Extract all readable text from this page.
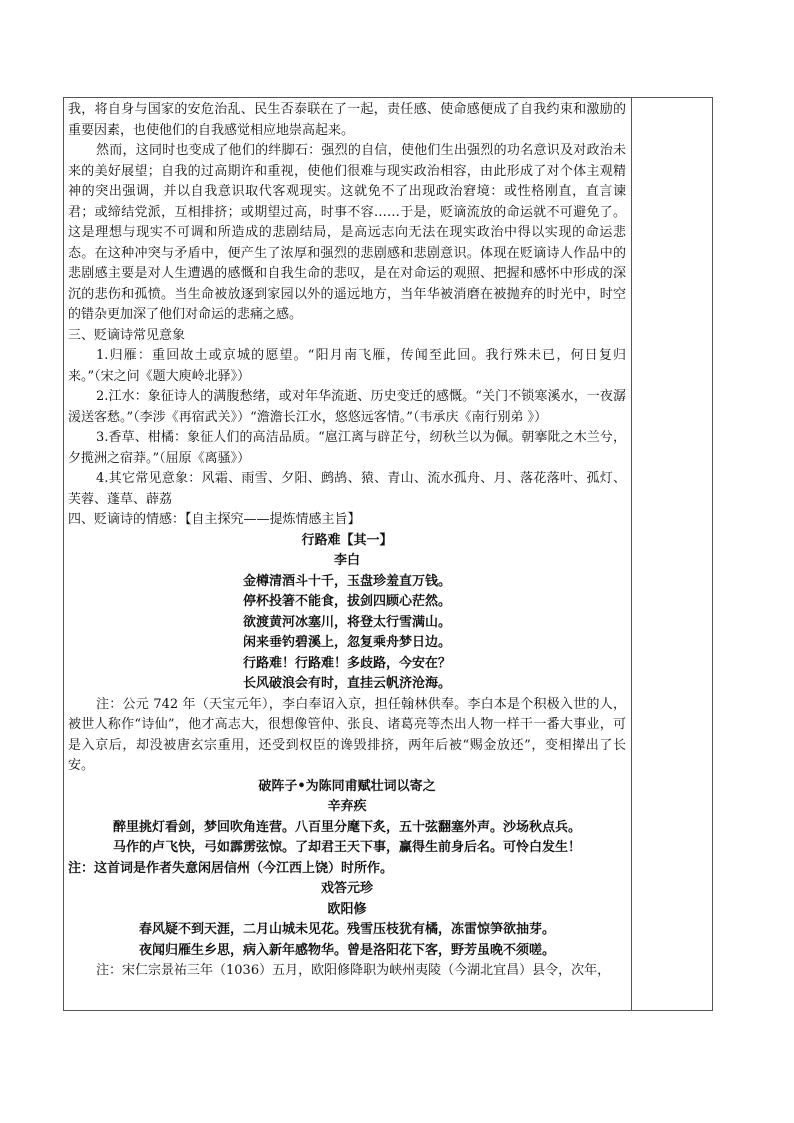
我，将自身与国家的安危治乱、民生否泰联在了一起，责任感、使命感便成了自我约束和激励的重要因素，也使他们的自我感觉相应地崇高起来。

然而，这同时也变成了他们的绊脚石：强烈的自信，使他们生出强烈的功名意识及对政治未来的美好展望；自我的过高期许和重视，使他们很难与现实政治相容，由此形成了对个体主观精神的突出强调，并以自我意识取代客观现实。这就免不了出现政治窘境：或性格刚直，直言谏君；或缔结党派，互相排挤；或期望过高，时事不容……于是，贬谪流放的命运就不可避免了。这是理想与现实不可调和所造成的悲剧结局，是高远志向无法在现实政治中得以实现的命运悲态。在这种冲突与矛盾中，便产生了浓厚和强烈的悲剧感和悲剧意识。体现在贬谪诗人作品中的悲剧感主要是对人生遭遇的感慨和自我生命的悲叹，是在对命运的观照、把握和感怀中形成的深沉的悲伤和孤愤。当生命被放逐到家园以外的遥远地方，当年华被消磨在被抛弃的时光中，时空的错杂更加深了他们对命运的悲痛之感。

三、贬谪诗常见意象

1.归雁：重回故土或京城的愿望。“阳月南飞雁，传闻至此回。我行殊未已，何日复归来。”（宋之问《题大庾岭北驿》）

2.江水：象征诗人的满腹愁绪，或对年华流逝、历史变迁的感慨。“关门不锁寒溪水，一夜潺湲送客愁。”（李涉《再宿武关》）“澹澹长江水，悠悠远客情。”（韦承庆《南行别弟 》）

3.香草、柑橘：象征人们的高洁品质。“扈江离与辟芷兮，纫秋兰以为佩。朝搴阰之木兰兮，夕揽洲之宿莽。”（屈原《离骚》）

4.其它常见意象：风霜、雨雪、夕阳、鹧鸪、猿、青山、流水孤舟、月、落花落叶、孤灯、芙蓉、蓬草、薜荔

四、贬谪诗的情感：【自主探究——提炼情感主旨】

行路难【其一】

李白

金樽清酒斗十千，玉盘珍羞直万钱。

停杯投箸不能食，拔剑四顾心茫然。

欲渡黄河冰塞川，将登太行雪满山。

闲来垂钓碧溪上，忽复乘舟梦日边。

行路难！行路难！多歧路，今安在？

长风破浪会有时，直挂云帆济沧海。

注：公元 742 年（天宝元年），李白奉诏入京，担任翰林供奉。李白本是个积极入世的人，被世人称作“诗仙”，他才高志大，很想像管仲、张良、诸葛亮等杰出人物一样干一番大事业，可是入京后，却没被唐玄宗重用，还受到权臣的谗毁排挤，两年后被“赐金放还”，变相撵出了长安。

破阵子•为陈同甫赋壮词以寄之

辛弃疾

醉里挑灯看剑，梦回吹角连营。八百里分麾下炙，五十弦翻塞外声。沙场秋点兵。

马作的卢飞快，弓如霹雳弦惊。了却君王天下事，赢得生前身后名。可怜白发生！

注：这首词是作者失意闲居信州（今江西上饶）时所作。

戏答元珍

欧阳修

春风疑不到天涯，二月山城未见花。残雪压枝犹有橘，冻雷惊笋欲抽芽。

夜闻归雁生乡思，病入新年感物华。曾是洛阳花下客，野芳虽晚不须嗟。

注：宋仁宗景祐三年（1036）五月，欧阳修降职为峡州夷陵（今湖北宜昌）县令，次年，
